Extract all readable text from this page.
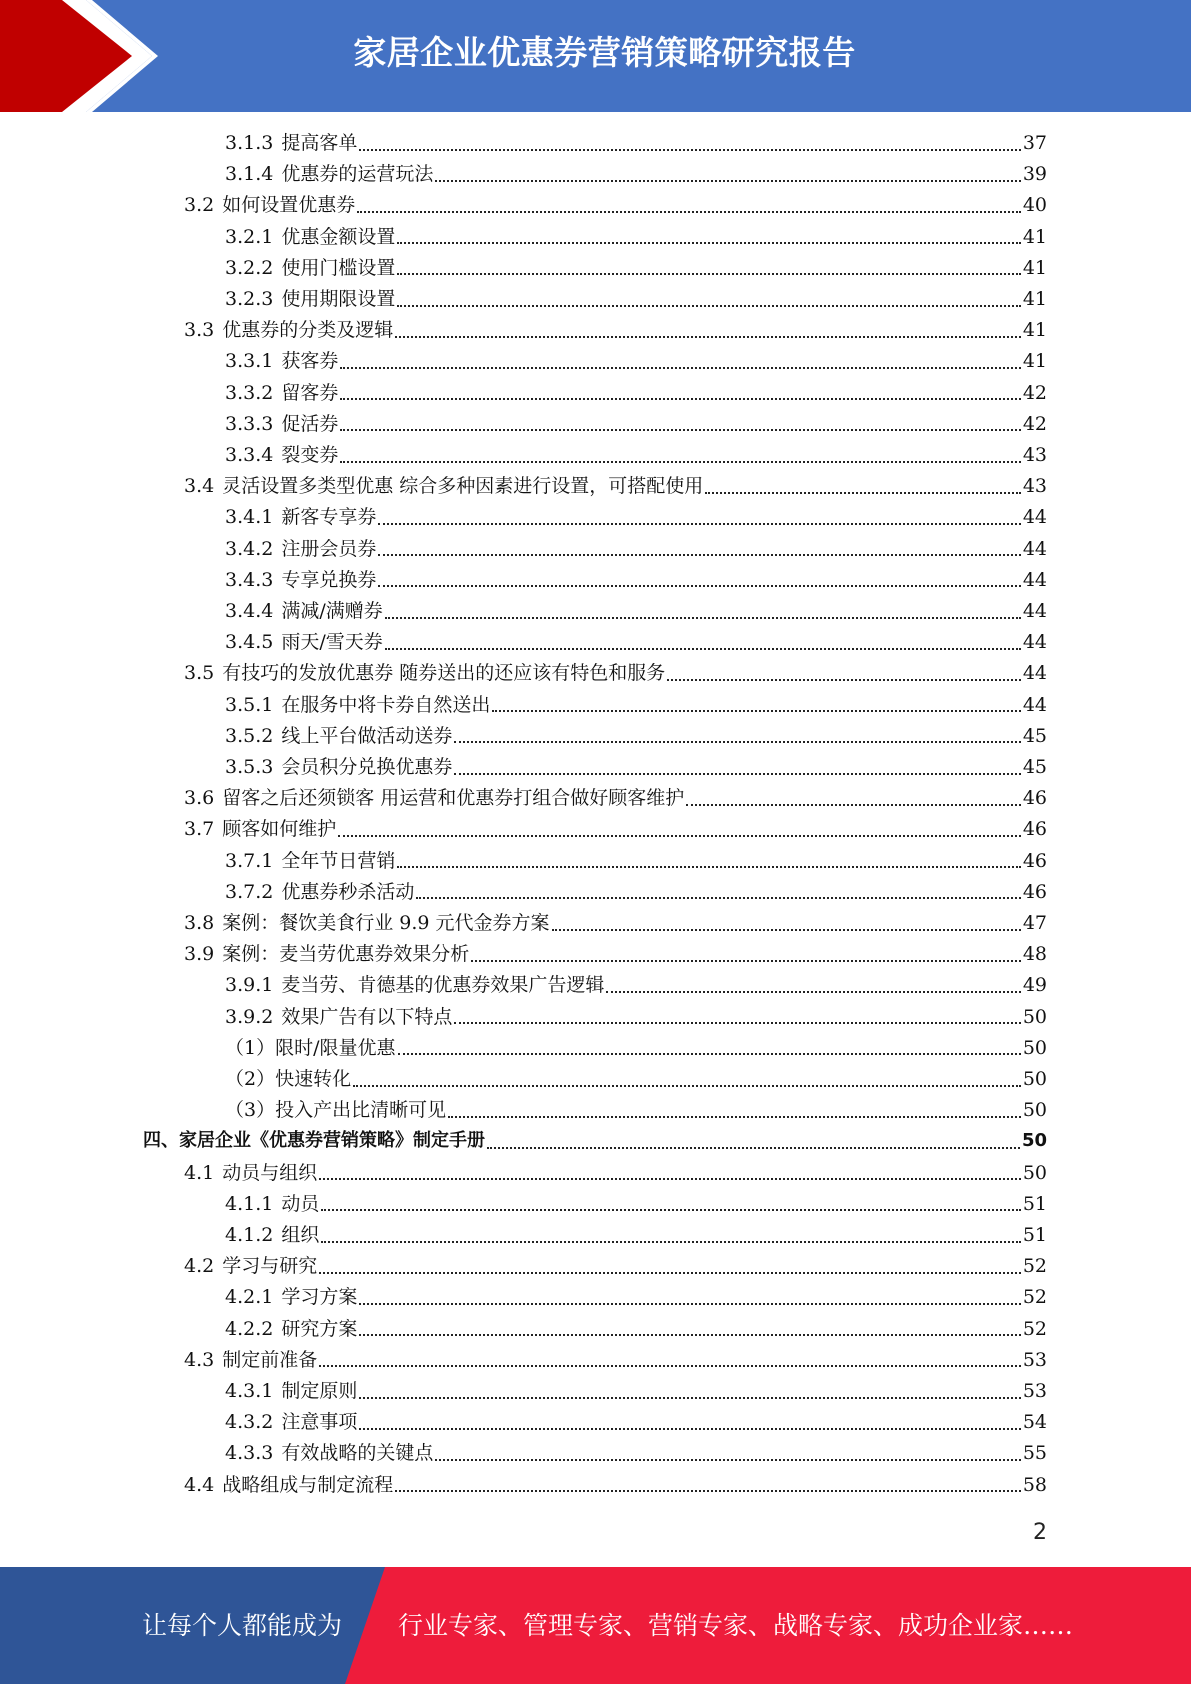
家居企业优惠券营销策略研究报告
3.1.3 提高客单	37
3.1.4 优惠券的运营玩法	39
3.2 如何设置优惠券	40
3.2.1 优惠金额设置	41
3.2.2 使用门槛设置	41
3.2.3 使用期限设置	41
3.3 优惠券的分类及逻辑	41
3.3.1 获客券	41
3.3.2 留客券	42
3.3.3 促活券	42
3.3.4 裂变券	43
3.4 灵活设置多类型优惠 综合多种因素进行设置，可搭配使用	43
3.4.1 新客专享券	44
3.4.2 注册会员券	44
3.4.3 专享兑换券	44
3.4.4 满减/满赠券	44
3.4.5 雨天/雪天券	44
3.5 有技巧的发放优惠券 随券送出的还应该有特色和服务	44
3.5.1 在服务中将卡券自然送出	44
3.5.2 线上平台做活动送券	45
3.5.3 会员积分兑换优惠券	45
3.6 留客之后还须锁客 用运营和优惠券打组合做好顾客维护	46
3.7 顾客如何维护	46
3.7.1 全年节日营销	46
3.7.2 优惠券秒杀活动	46
3.8 案例：餐饮美食行业 9.9 元代金券方案	47
3.9 案例：麦当劳优惠券效果分析	48
3.9.1 麦当劳、肯德基的优惠券效果广告逻辑	49
3.9.2 效果广告有以下特点	50
（1）限时/限量优惠	50
（2）快速转化	50
（3）投入产出比清晰可见	50
四、家居企业《优惠券营销策略》制定手册	50
4.1 动员与组织	50
4.1.1 动员	51
4.1.2 组织	51
4.2 学习与研究	52
4.2.1 学习方案	52
4.2.2 研究方案	52
4.3 制定前准备	53
4.3.1 制定原则	53
4.3.2 注意事项	54
4.3.3 有效战略的关键点	55
4.4 战略组成与制定流程	58
2
让每个人都能成为 行业专家、管理专家、营销专家、战略专家、成功企业家……
